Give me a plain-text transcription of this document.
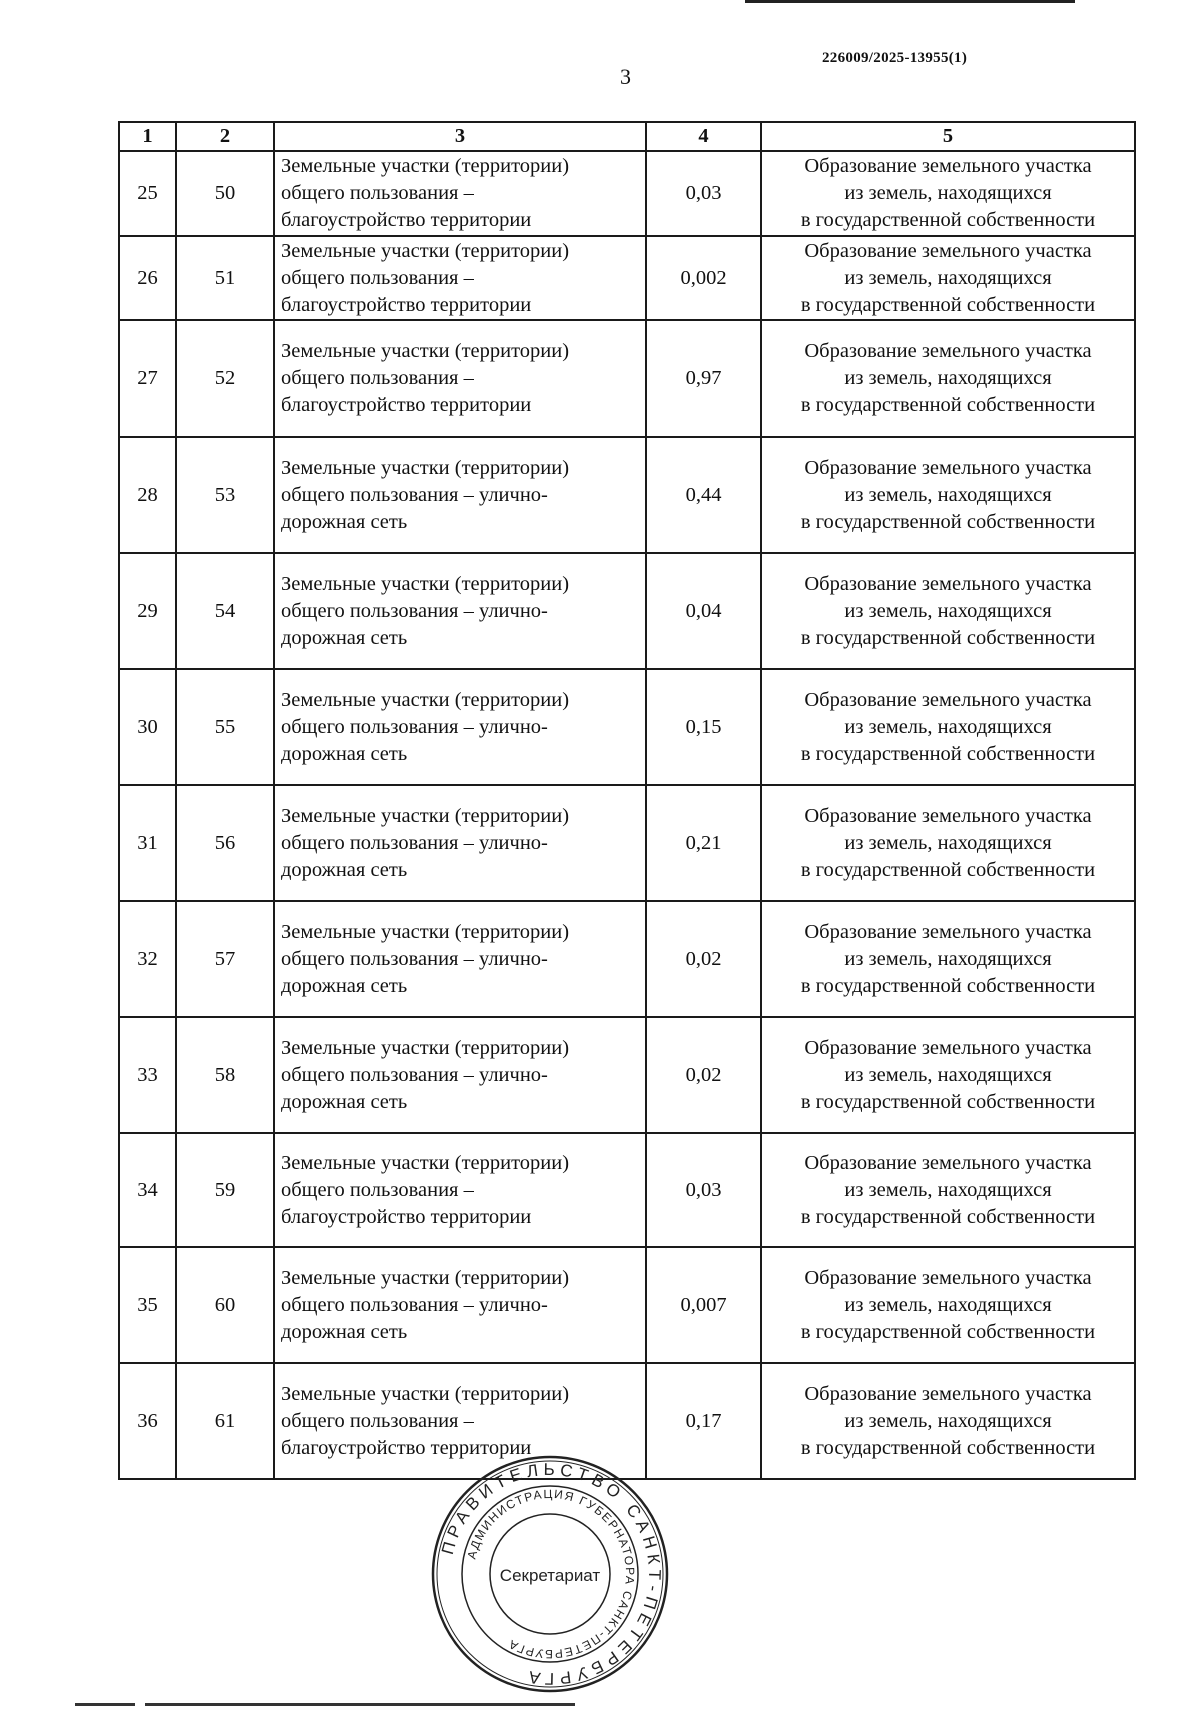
226009/2025-13955(1)
3
1	2	3	4	5
25	50	Земельные участки (территории)
общего пользования –
благоустройство территории	0,03	Образование земельного участка
из земель, находящихся
в государственной собственности

26	51	Земельные участки (территории)
общего пользования –
благоустройство территории	0,002	Образование земельного участка
из земель, находящихся
в государственной собственности

27	52	Земельные участки (территории)
общего пользования –
благоустройство территории	0,97	Образование земельного участка
из земель, находящихся
в государственной собственности

28	53	Земельные участки (территории)
общего пользования – улично-
дорожная сеть	0,44	Образование земельного участка
из земель, находящихся
в государственной собственности

29	54	Земельные участки (территории)
общего пользования – улично-
дорожная сеть	0,04	Образование земельного участка
из земель, находящихся
в государственной собственности

30	55	Земельные участки (территории)
общего пользования – улично-
дорожная сеть	0,15	Образование земельного участка
из земель, находящихся
в государственной собственности

31	56	Земельные участки (территории)
общего пользования – улично-
дорожная сеть	0,21	Образование земельного участка
из земель, находящихся
в государственной собственности

32	57	Земельные участки (территории)
общего пользования – улично-
дорожная сеть	0,02	Образование земельного участка
из земель, находящихся
в государственной собственности

33	58	Земельные участки (территории)
общего пользования – улично-
дорожная сеть	0,02	Образование земельного участка
из земель, находящихся
в государственной собственности

34	59	Земельные участки (территории)
общего пользования –
благоустройство территории	0,03	Образование земельного участка
из земель, находящихся
в государственной собственности

35	60	Земельные участки (территории)
общего пользования – улично-
дорожная сеть	0,007	Образование земельного участка
из земель, находящихся
в государственной собственности

36	61	Земельные участки (территории)
общего пользования –
благоустройство территории	0,17	Образование земельного участка
из земель, находящихся
в государственной собственности
ПРАВИТЕЛЬСТВО САНКТ-ПЕТЕРБУРГА
АДМИНИСТРАЦИЯ ГУБЕРНАТОРА САНКТ-ПЕТЕРБУРГА
Секретариат
